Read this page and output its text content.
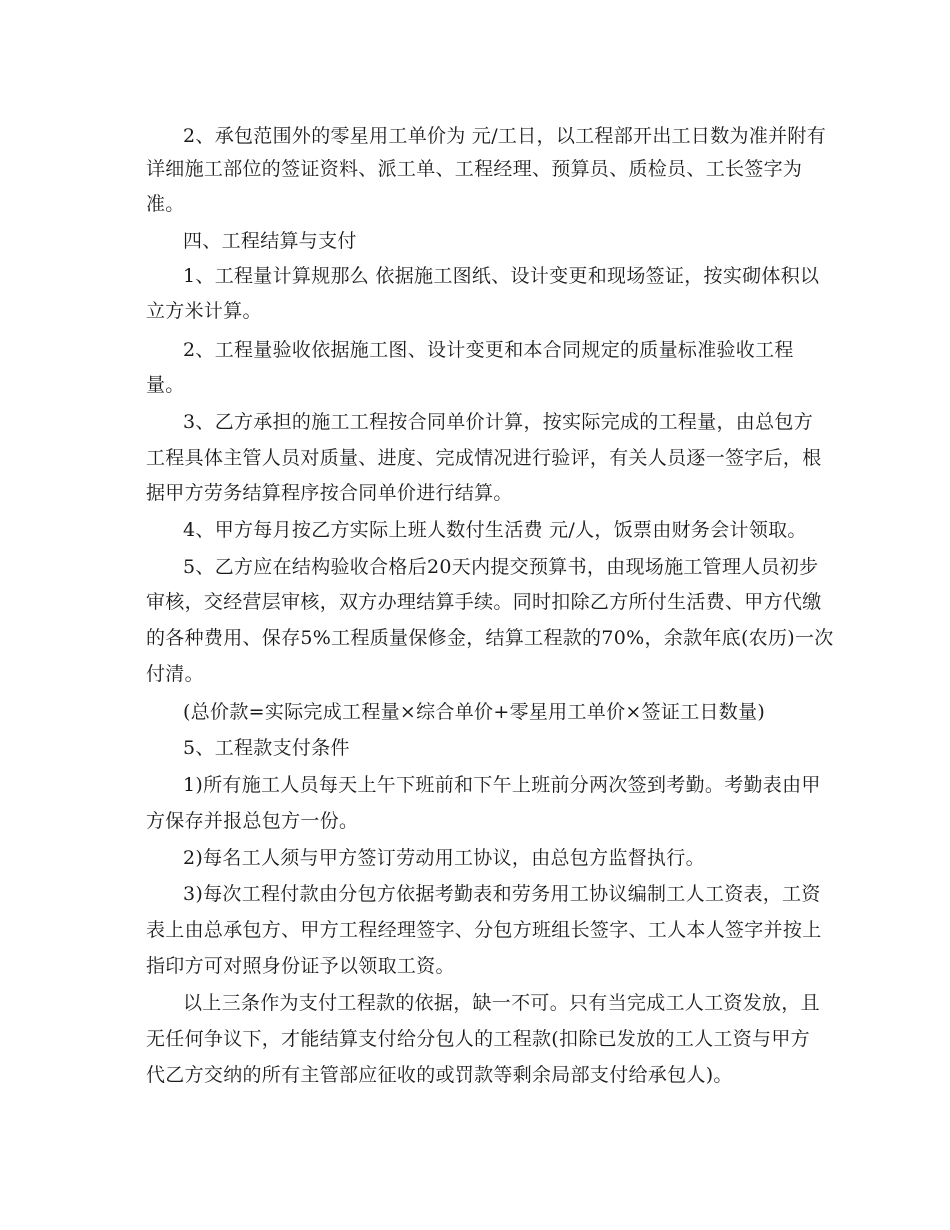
2、承包范围外的零星用工单价为 元/工日，以工程部开出工日数为准并附有
详细施工部位的签证资料、派工单、工程经理、预算员、质检员、工长签字为
准。
四、工程结算与支付
1、工程量计算规那么 依据施工图纸、设计变更和现场签证，按实砌体积以
立方米计算。
2、工程量验收依据施工图、设计变更和本合同规定的质量标准验收工程
量。
3、乙方承担的施工工程按合同单价计算，按实际完成的工程量，由总包方
工程具体主管人员对质量、进度、完成情况进行验评，有关人员逐一签字后，根
据甲方劳务结算程序按合同单价进行结算。
4、甲方每月按乙方实际上班人数付生活费 元/人，饭票由财务会计领取。
5、乙方应在结构验收合格后20天内提交预算书，由现场施工管理人员初步
审核，交经营层审核，双方办理结算手续。同时扣除乙方所付生活费、甲方代缴
的各种费用、保存5%工程质量保修金，结算工程款的70%，余款年底(农历)一次
付清。
(总价款=实际完成工程量×综合单价+零星用工单价×签证工日数量)
5、工程款支付条件
1)所有施工人员每天上午下班前和下午上班前分两次签到考勤。考勤表由甲
方保存并报总包方一份。
2)每名工人须与甲方签订劳动用工协议，由总包方监督执行。
3)每次工程付款由分包方依据考勤表和劳务用工协议编制工人工资表，工资
表上由总承包方、甲方工程经理签字、分包方班组长签字、工人本人签字并按上
指印方可对照身份证予以领取工资。
以上三条作为支付工程款的依据，缺一不可。只有当完成工人工资发放，且
无任何争议下，才能结算支付给分包人的工程款(扣除已发放的工人工资与甲方
代乙方交纳的所有主管部应征收的或罚款等剩余局部支付给承包人)。
